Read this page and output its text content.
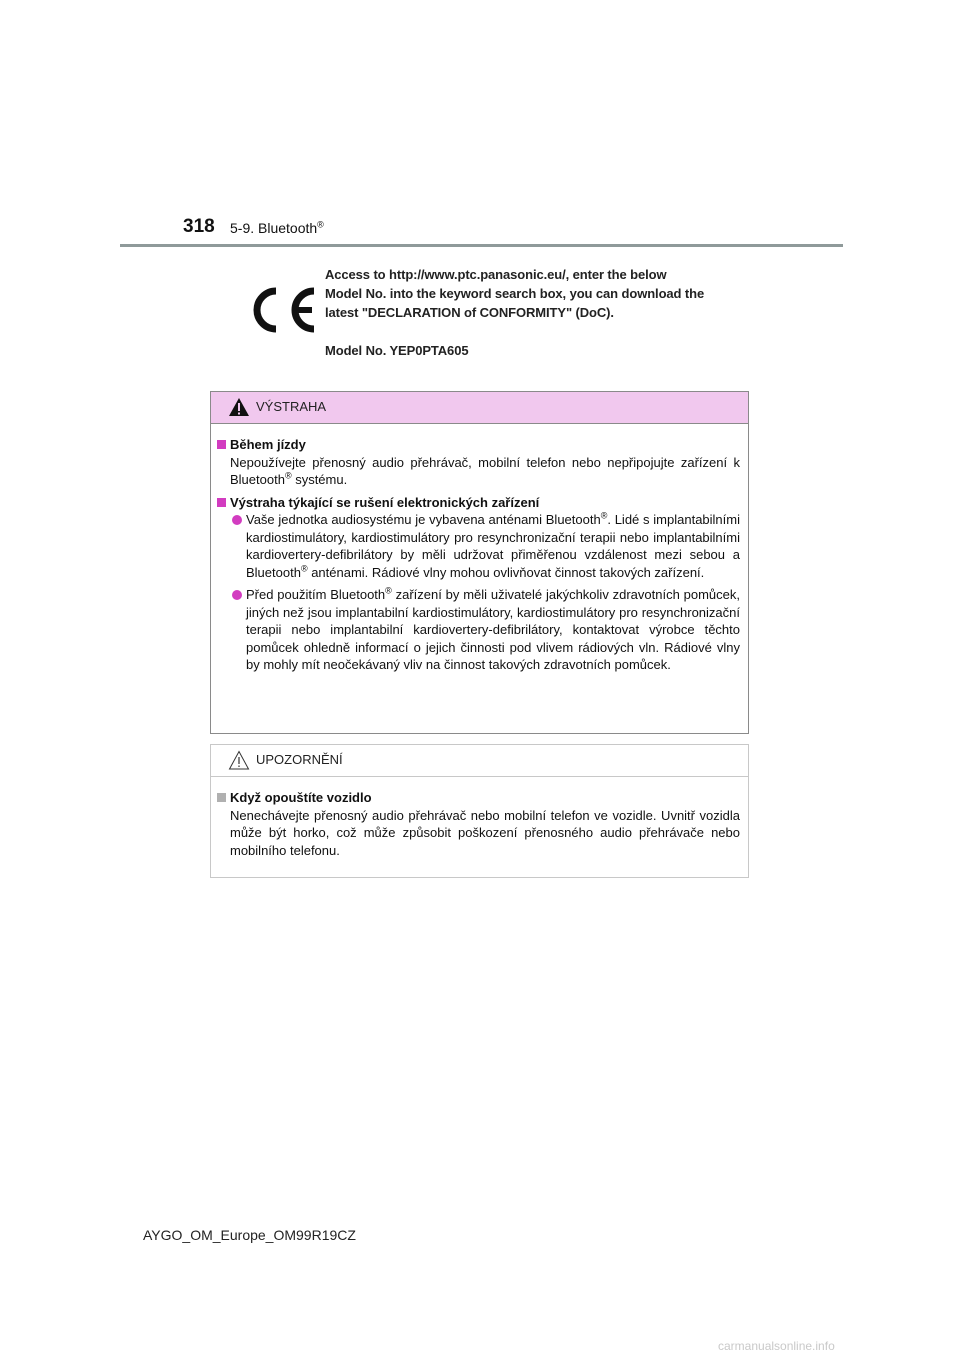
318 5-9. Bluetooth®

Access to http://www.ptc.panasonic.eu/, enter the below

Model No. into the keyword search box, you can download the

latest "DECLARATION of CONFORMITY" (DoC).

Model No. YEP0PTA605

VÝSTRAHA
Během jízdy
Nepoužívejte přenosný audio přehrávač, mobilní telefon nebo nepřipojujte zařízení k Bluetooth® systému.
Výstraha týkající se rušení elektronických zařízení
Vaše jednotka audiosystému je vybavena anténami Bluetooth®. Lidé s implantabilními kardiostimulátory, kardiostimulátory pro resynchronizační terapii nebo implantabilními kardiovertery-defibrilátory by měli udržovat přiměřenou vzdálenost mezi sebou a Bluetooth® anténami. Rádiové vlny mohou ovlivňovat činnost takových zařízení.
Před použitím Bluetooth® zařízení by měli uživatelé jakýchkoliv zdravotních pomůcek, jiných než jsou implantabilní kardiostimulátory, kardiostimulátory pro resynchronizační terapii nebo implantabilní kardiovertery-defibrilátory, kontaktovat výrobce těchto pomůcek ohledně informací o jejich činnosti pod vlivem rádiových vln. Rádiové vlny by mohly mít neočekávaný vliv na činnost takových zdravotních pomůcek.
UPOZORNĚNÍ
Když opouštíte vozidlo
Nenechávejte přenosný audio přehrávač nebo mobilní telefon ve vozidle. Uvnitř vozidla může být horko, což může způsobit poškození přenosného audio přehrávače nebo mobilního telefonu.
AYGO_OM_Europe_OM99R19CZ
carmanualsonline.info
